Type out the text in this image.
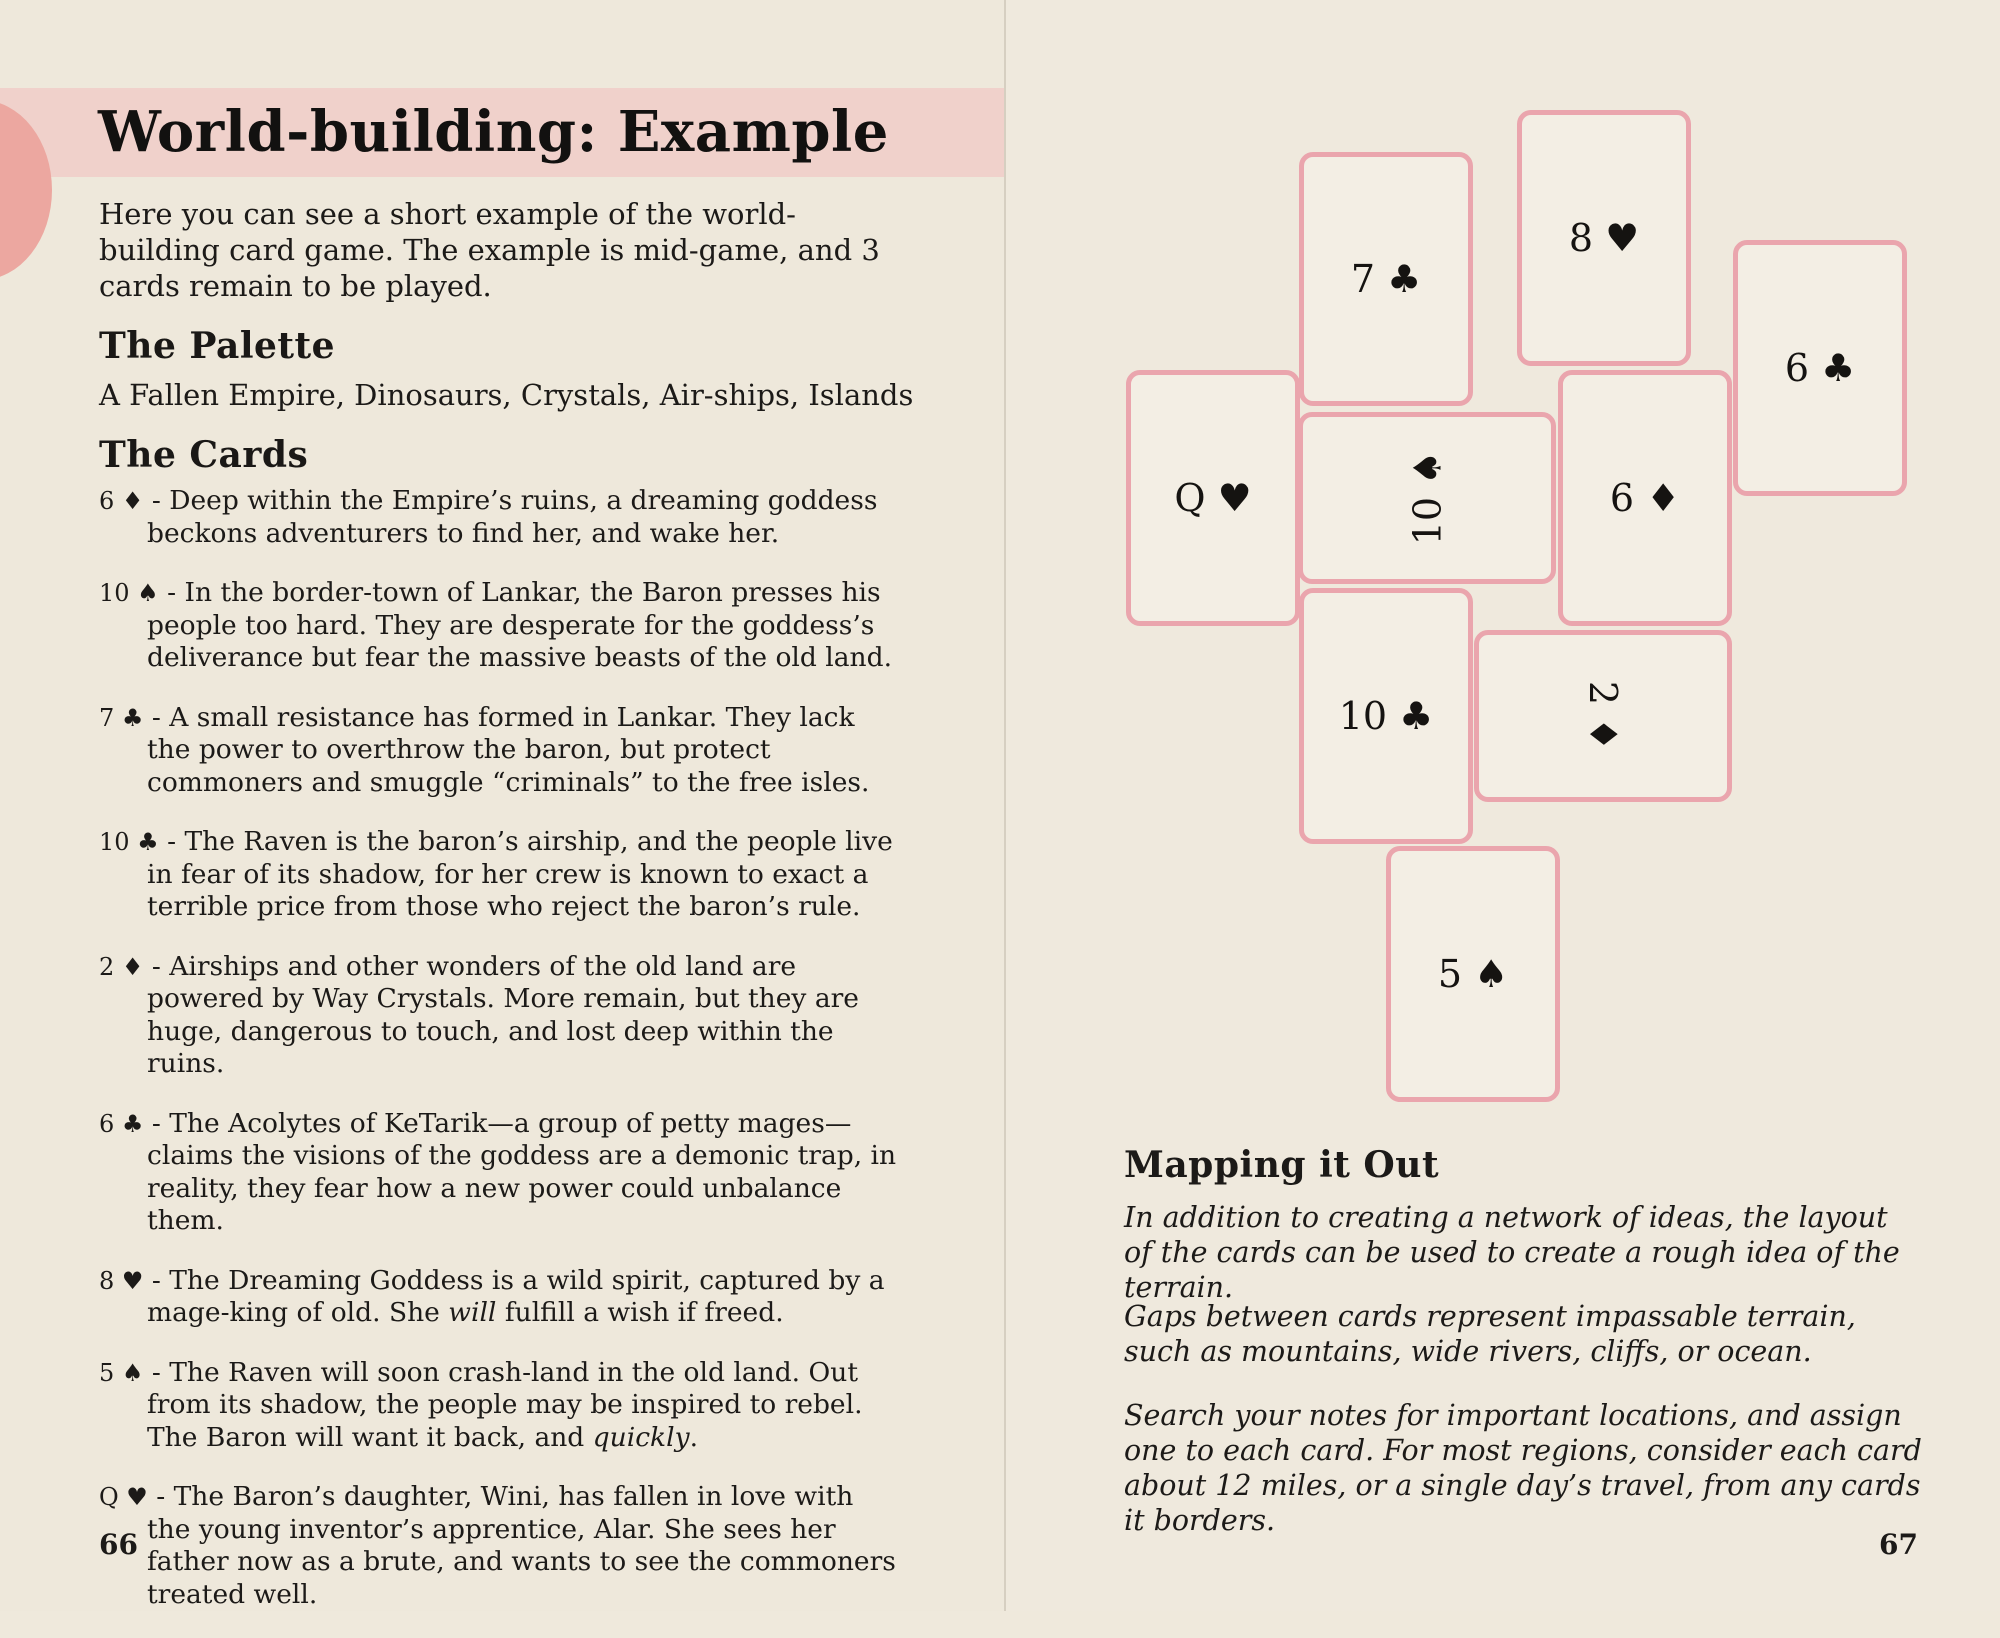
World-building: Example

Here you can see a short example of the world-building card game. The example is mid-game, and 3 cards remain to be played.

The Palette

A Fallen Empire, Dinosaurs, Crystals, Air-ships, Islands

The Cards
6 ♦ - Deep within the Empire’s ruins, a dreaming goddess beckons adventurers to find her, and wake her.
10 ♠ - In the border-town of Lankar, the Baron presses his people too hard. They are desperate for the goddess’s deliverance but fear the massive beasts of the old land.
7 ♣ - A small resistance has formed in Lankar. They lack the power to overthrow the baron, but protect commoners and smuggle “criminals” to the free isles.
10 ♣ - The Raven is the baron’s airship, and the people live in fear of its shadow, for her crew is known to exact a terrible price from those who reject the baron’s rule.
2 ♦ - Airships and other wonders of the old land are powered by Way Crystals. More remain, but they are huge, dangerous to touch, and lost deep within the ruins.
6 ♣ - The Acolytes of KeTarik—a group of petty mages—claims the visions of the goddess are a demonic trap, in reality, they fear how a new power could unbalance them.
8 ♥ - The Dreaming Goddess is a wild spirit, captured by a mage-king of old. She will fulfill a wish if freed.
5 ♠ - The Raven will soon crash-land in the old land. Out from its shadow, the people may be inspired to rebel. The Baron will want it back, and quickly.
Q ♥ - The Baron’s daughter, Wini, has fallen in love with the young inventor’s apprentice, Alar. She sees her father now as a brute, and wants to see the commoners treated well.
66	67
7 ♣
8 ♥
6 ♣
Q ♥	10 ♠	6 ♦
10 ♣	2 ♦
5 ♠
Mapping it Out

In addition to creating a network of ideas, the layout of the cards can be used to create a rough idea of the terrain.

Gaps between cards represent impassable terrain, such as mountains, wide rivers, cliffs, or ocean.

Search your notes for important locations, and assign one to each card. For most regions, consider each card about 12 miles, or a single day’s travel, from any cards it borders.
